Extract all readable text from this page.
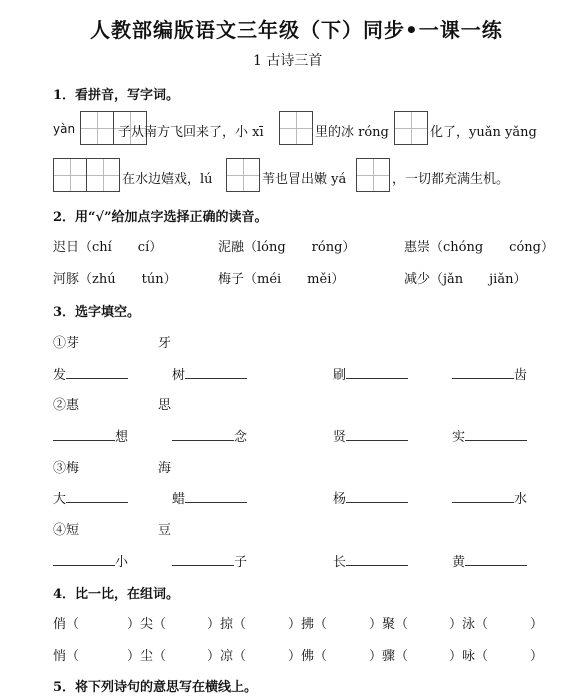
人教部编版语文三年级（下）同步•一课一练
1 古诗三首
1．看拼音，写字词。
yàn	子从南方飞回来了，小 xī	里的冰 róng	化了，yuǎn yǎng
在水边嬉戏，lú	苇也冒出嫩 yá	，一切都充满生机。
2．用“√”给加点字选择正确的读音。
迟日（chí　　cí）	泥融（lóng　　róng）	惠崇（chóng　　cóng）
河豚（zhú　　tún）	梅子（méi　　měi）	减少（jǎn　　jiǎn）
3．选字填空。
①芽	牙
发	树	刷	齿
②惠	思
想	念	贤	实
③梅	海
大	蜡	杨	水
④短	豆
小	子	长	黄
4．比一比，在组词。
俏（	）尖（	）掠（	）拂（	）聚（	）泳（	）
悄（	）尘（	）凉（	）佛（	）骤（	）咏（	）
5．将下列诗句的意思写在横线上。
